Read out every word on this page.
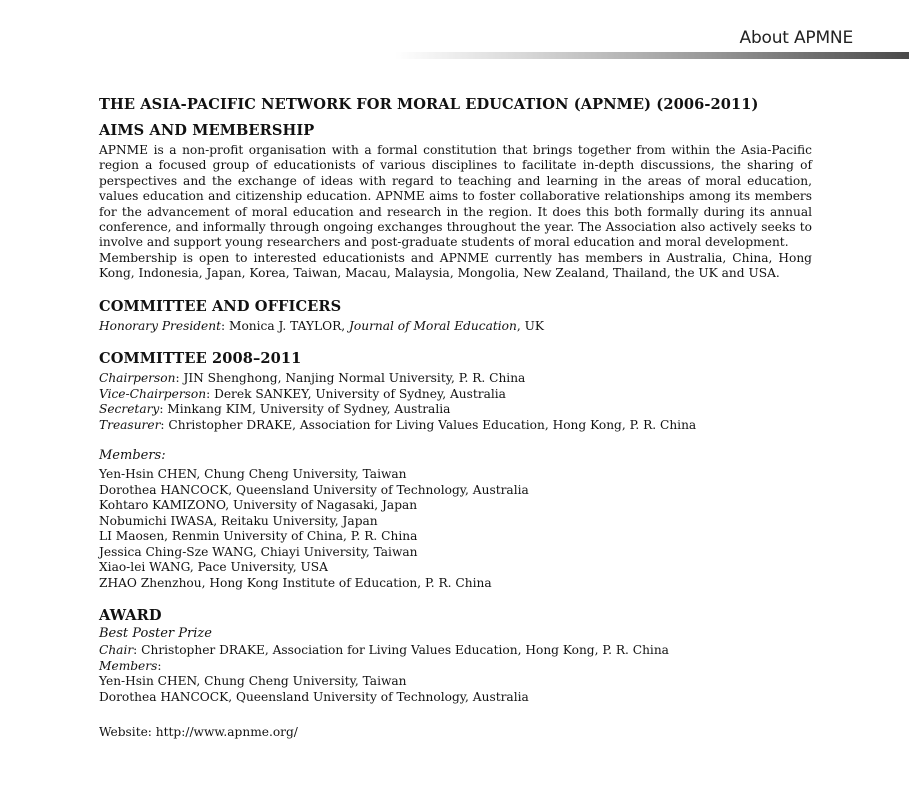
About APMNE
THE ASIA-PACIFIC NETWORK FOR MORAL EDUCATION (APNME) (2006-2011)
AIMS AND MEMBERSHIP

APNME is a non-profit organisation with a formal constitution that brings together from within the Asia-Pacific region a focused group of educationists of various disciplines to facilitate in-depth discussions, the sharing of perspectives and the exchange of ideas with regard to teaching and learning in the areas of moral education, values education and citizenship education. APNME aims to foster collaborative relationships among its members for the advancement of moral education and research in the region. It does this both formally during its annual conference, and informally through ongoing exchanges throughout the year. The Association also actively seeks to involve and support young researchers and post-graduate students of moral education and moral development.

Membership is open to interested educationists and APNME currently has members in Australia, China, Hong Kong, Indonesia, Japan, Korea, Taiwan, Macau, Malaysia, Mongolia, New Zealand, Thailand, the UK and USA.

COMMITTEE AND OFFICERS
Honorary President: Monica J. TAYLOR, Journal of Moral Education, UK
COMMITTEE 2008–2011
Chairperson: JIN Shenghong, Nanjing Normal University, P. R. China
Vice-Chairperson: Derek SANKEY, University of Sydney, Australia
Secretary: Minkang KIM, University of Sydney, Australia
Treasurer: Christopher DRAKE, Association for Living Values Education, Hong Kong, P. R. China
Members:
Yen-Hsin CHEN, Chung Cheng University, Taiwan
Dorothea HANCOCK, Queensland University of Technology, Australia
Kohtaro KAMIZONO, University of Nagasaki, Japan
Nobumichi IWASA, Reitaku University, Japan
LI Maosen, Renmin University of China, P. R. China
Jessica Ching-Sze WANG, Chiayi University, Taiwan
Xiao-lei WANG, Pace University, USA
ZHAO Zhenzhou, Hong Kong Institute of Education, P. R. China
AWARD
Best Poster Prize
Chair: Christopher DRAKE, Association for Living Values Education, Hong Kong, P. R. China
Members:
Yen-Hsin CHEN, Chung Cheng University, Taiwan
Dorothea HANCOCK, Queensland University of Technology, Australia
Website: http://www.apnme.org/
